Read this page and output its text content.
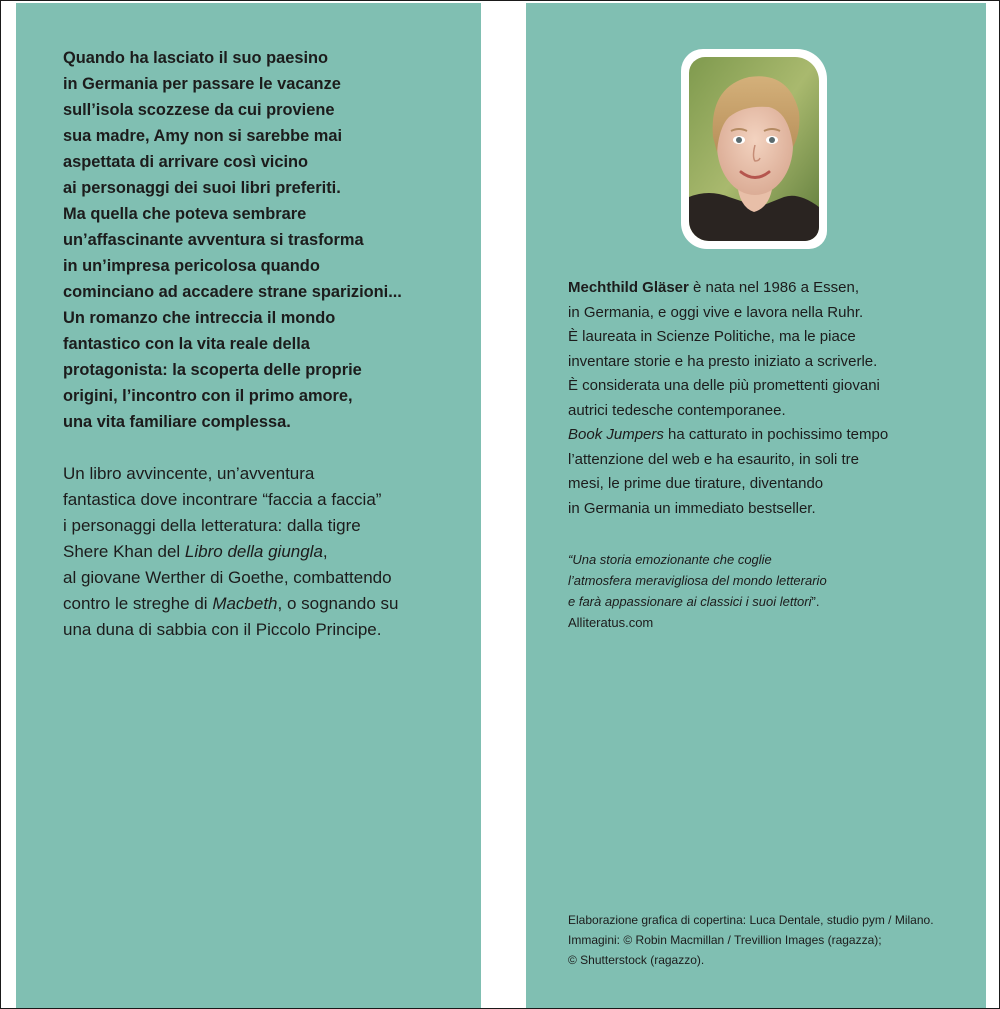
Quando ha lasciato il suo paesino
in Germania per passare le vacanze
sull’isola scozzese da cui proviene
sua madre, Amy non si sarebbe mai
aspettata di arrivare così vicino
ai personaggi dei suoi libri preferiti.
Ma quella che poteva sembrare
un’affascinante avventura si trasforma
in un’impresa pericolosa quando
cominciano ad accadere strane sparizioni...
Un romanzo che intreccia il mondo
fantastico con la vita reale della
protagonista: la scoperta delle proprie
origini, l’incontro con il primo amore,
una vita familiare complessa.
Un libro avvincente, un’avventura
fantastica dove incontrare “faccia a faccia”
i personaggi della letteratura: dalla tigre
Shere Khan del Libro della giungla,
al giovane Werther di Goethe, combattendo
contro le streghe di Macbeth, o sognando su
una duna di sabbia con il Piccolo Principe.
Mechthild Gläser è nata nel 1986 a Essen,
in Germania, e oggi vive e lavora nella Ruhr.
È laureata in Scienze Politiche, ma le piace
inventare storie e ha presto iniziato a scriverle.
È considerata una delle più promettenti giovani
autrici tedesche contemporanee.
Book Jumpers ha catturato in pochissimo tempo
l’attenzione del web e ha esaurito, in soli tre
mesi, le prime due tirature, diventando
in Germania un immediato bestseller.
“Una storia emozionante che coglie
l’atmosfera meravigliosa del mondo letterario
e farà appassionare ai classici i suoi lettori”.
Alliteratus.com
Elaborazione grafica di copertina: Luca Dentale, studio pym / Milano.
Immagini: © Robin Macmillan / Trevillion Images (ragazza);
© Shutterstock (ragazzo).
